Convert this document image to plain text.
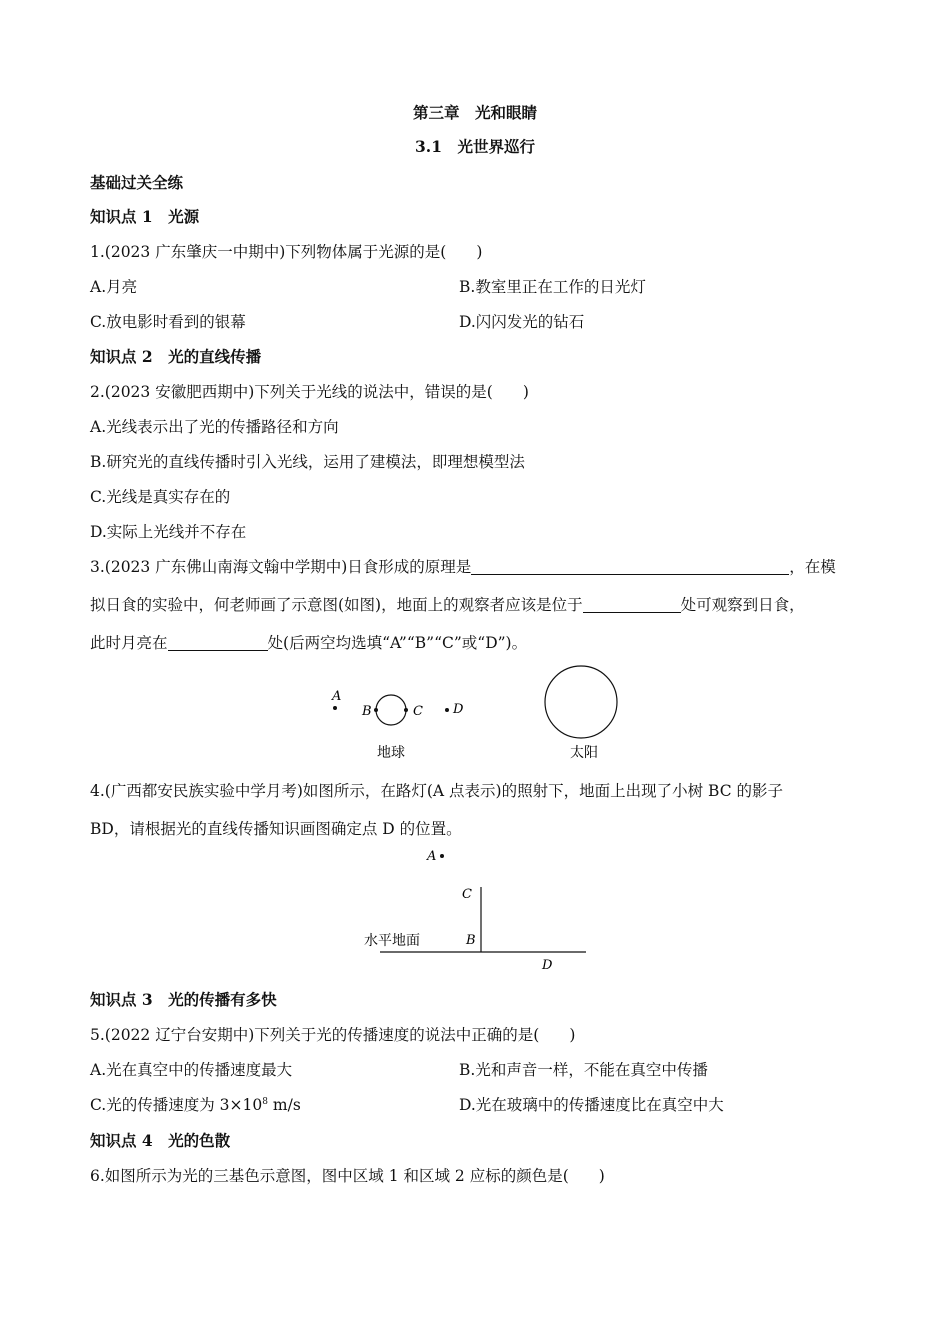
第三章　光和眼睛
3.1　光世界巡行
基础过关全练
知识点 1　光源
1.(2023 广东肇庆一中期中)下列物体属于光源的是( )
A.月亮	B.教室里正在工作的日光灯
C.放电影时看到的银幕	D.闪闪发光的钻石
知识点 2　光的直线传播
2.(2023 安徽肥西期中)下列关于光线的说法中，错误的是( )
A.光线表示出了光的传播路径和方向
B.研究光的直线传播时引入光线，运用了建模法，即理想模型法
C.光线是真实存在的
D.实际上光线并不存在
3.(2023 广东佛山南海文翰中学期中)日食形成的原理是	，在模
拟日食的实验中，何老师画了示意图(如图)，地面上的观察者应该是位于	处可观察到日食，
此时月亮在	处(后两空均选填“A”“B”“C”或“D”)。
A
B	C D
地球	太阳
4.(广西都安民族实验中学月考)如图所示，在路灯(A 点表示)的照射下，地面上出现了小树 BC 的影子
BD，请根据光的直线传播知识画图确定点 D 的位置。
A
C
B
水平地面
D
知识点 3　光的传播有多快
5.(2022 辽宁台安期中)下列关于光的传播速度的说法中正确的是( )
A.光在真空中的传播速度最大	B.光和声音一样，不能在真空中传播
C.光的传播速度为 $3\times 10^8$ m/s	D.光在玻璃中的传播速度比在真空中大
知识点 4　光的色散
6.如图所示为光的三基色示意图，图中区域 1 和区域 2 应标的颜色是( )
